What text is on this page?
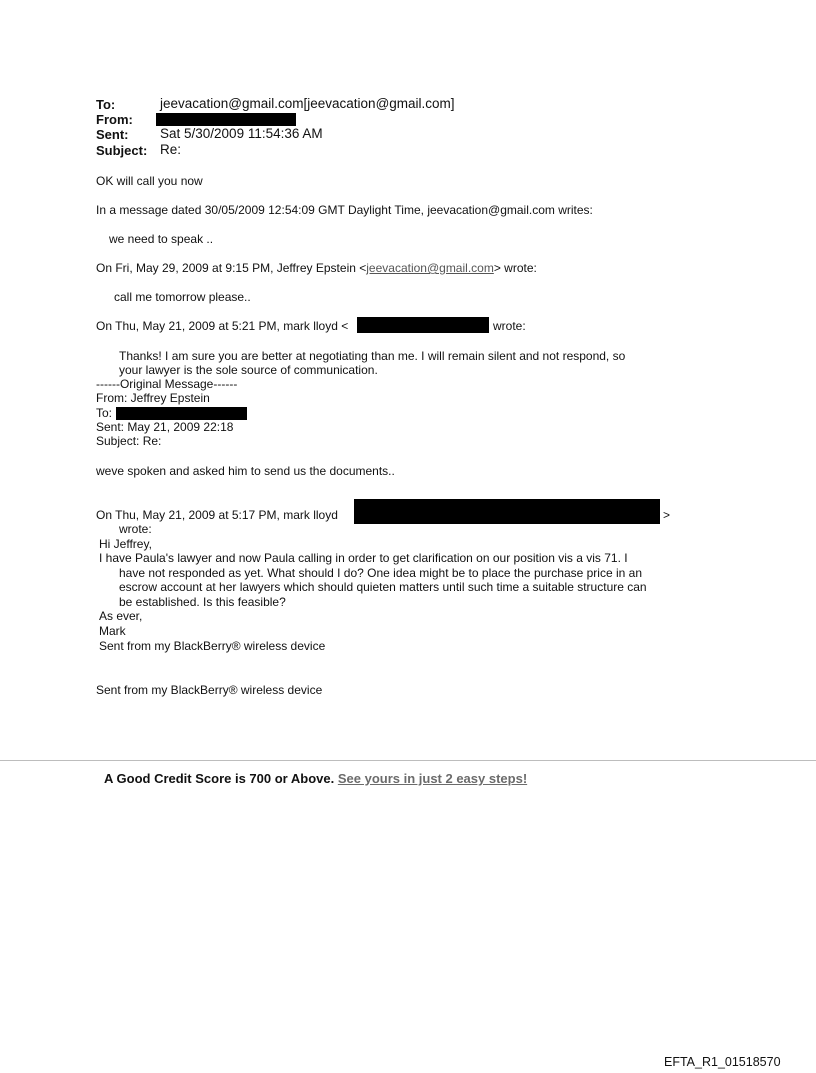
To:	jeevacation@gmail.com[jeevacation@gmail.com]
From:
Sent: Sat 5/30/2009 11:54:36 AM
Subject: Re:
OK will call you now
In a message dated 30/05/2009 12:54:09 GMT Daylight Time, jeevacation@gmail.com writes:
we need to speak ..
On Fri, May 29, 2009 at 9:15 PM, Jeffrey Epstein <jeevacation@gmail.com> wrote:
call me tomorrow please..
On Thu, May 21, 2009 at 5:21 PM, mark lloyd <	wrote:
Thanks! I am sure you are better at negotiating than me. I will remain silent and not respond, so
your lawyer is the sole source of communication.
------Original Message------
From: Jeffrey Epstein
To:
Sent: May 21, 2009 22:18
Subject: Re:
weve spoken and asked him to send us the documents..
On Thu, May 21, 2009 at 5:17 PM, mark lloyd	>
wrote:
Hi Jeffrey,
I have Paula's lawyer and now Paula calling in order to get clarification on our position vis a vis 71. I
have not responded as yet. What should I do? One idea might be to place the purchase price in an
escrow account at her lawyers which should quieten matters until such time a suitable structure can
be established. Is this feasible?
As ever,
Mark
Sent from my BlackBerry® wireless device
Sent from my BlackBerry® wireless device
A Good Credit Score is 700 or Above. See yours in just 2 easy steps!
EFTA_R1_01518570
